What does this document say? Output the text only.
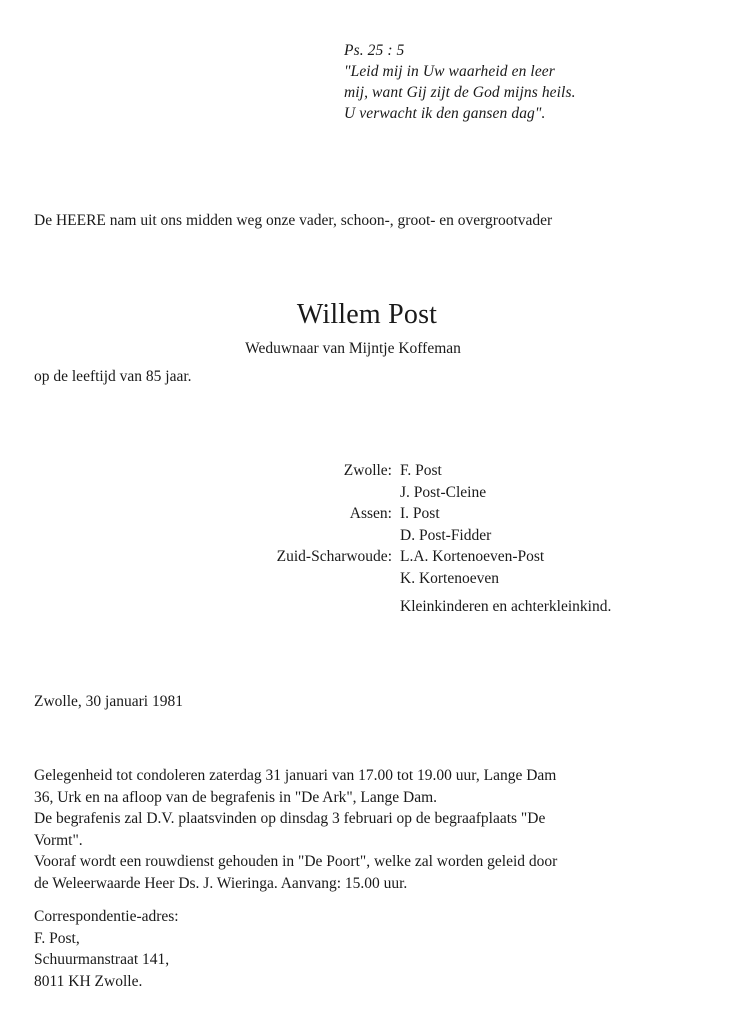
Ps. 25 : 5
"Leid mij in Uw waarheid en leer
mij, want Gij zijt de God mijns heils.
U verwacht ik den gansen dag".
De HEERE nam uit ons midden weg onze vader, schoon-, groot- en overgrootvader
Willem Post
Weduwnaar van Mijntje Koffeman
op de leeftijd van 85 jaar.
Zwolle: F. Post
J. Post-Cleine
Assen: I. Post
D. Post-Fidder
Zuid-Scharwoude: L.A. Kortenoeven-Post
K. Kortenoeven
Kleinkinderen en achterkleinkind.
Zwolle, 30 januari 1981
Gelegenheid tot condoleren zaterdag 31 januari van 17.00 tot 19.00 uur, Lange Dam
36, Urk en na afloop van de begrafenis in "De Ark", Lange Dam.
De begrafenis zal D.V. plaatsvinden op dinsdag 3 februari op de begraafplaats "De
Vormt".
Vooraf wordt een rouwdienst gehouden in "De Poort", welke zal worden geleid door
de Weleerwaarde Heer Ds. J. Wieringa. Aanvang: 15.00 uur.
Correspondentie-adres:
F. Post,
Schuurmanstraat 141,
8011 KH Zwolle.
